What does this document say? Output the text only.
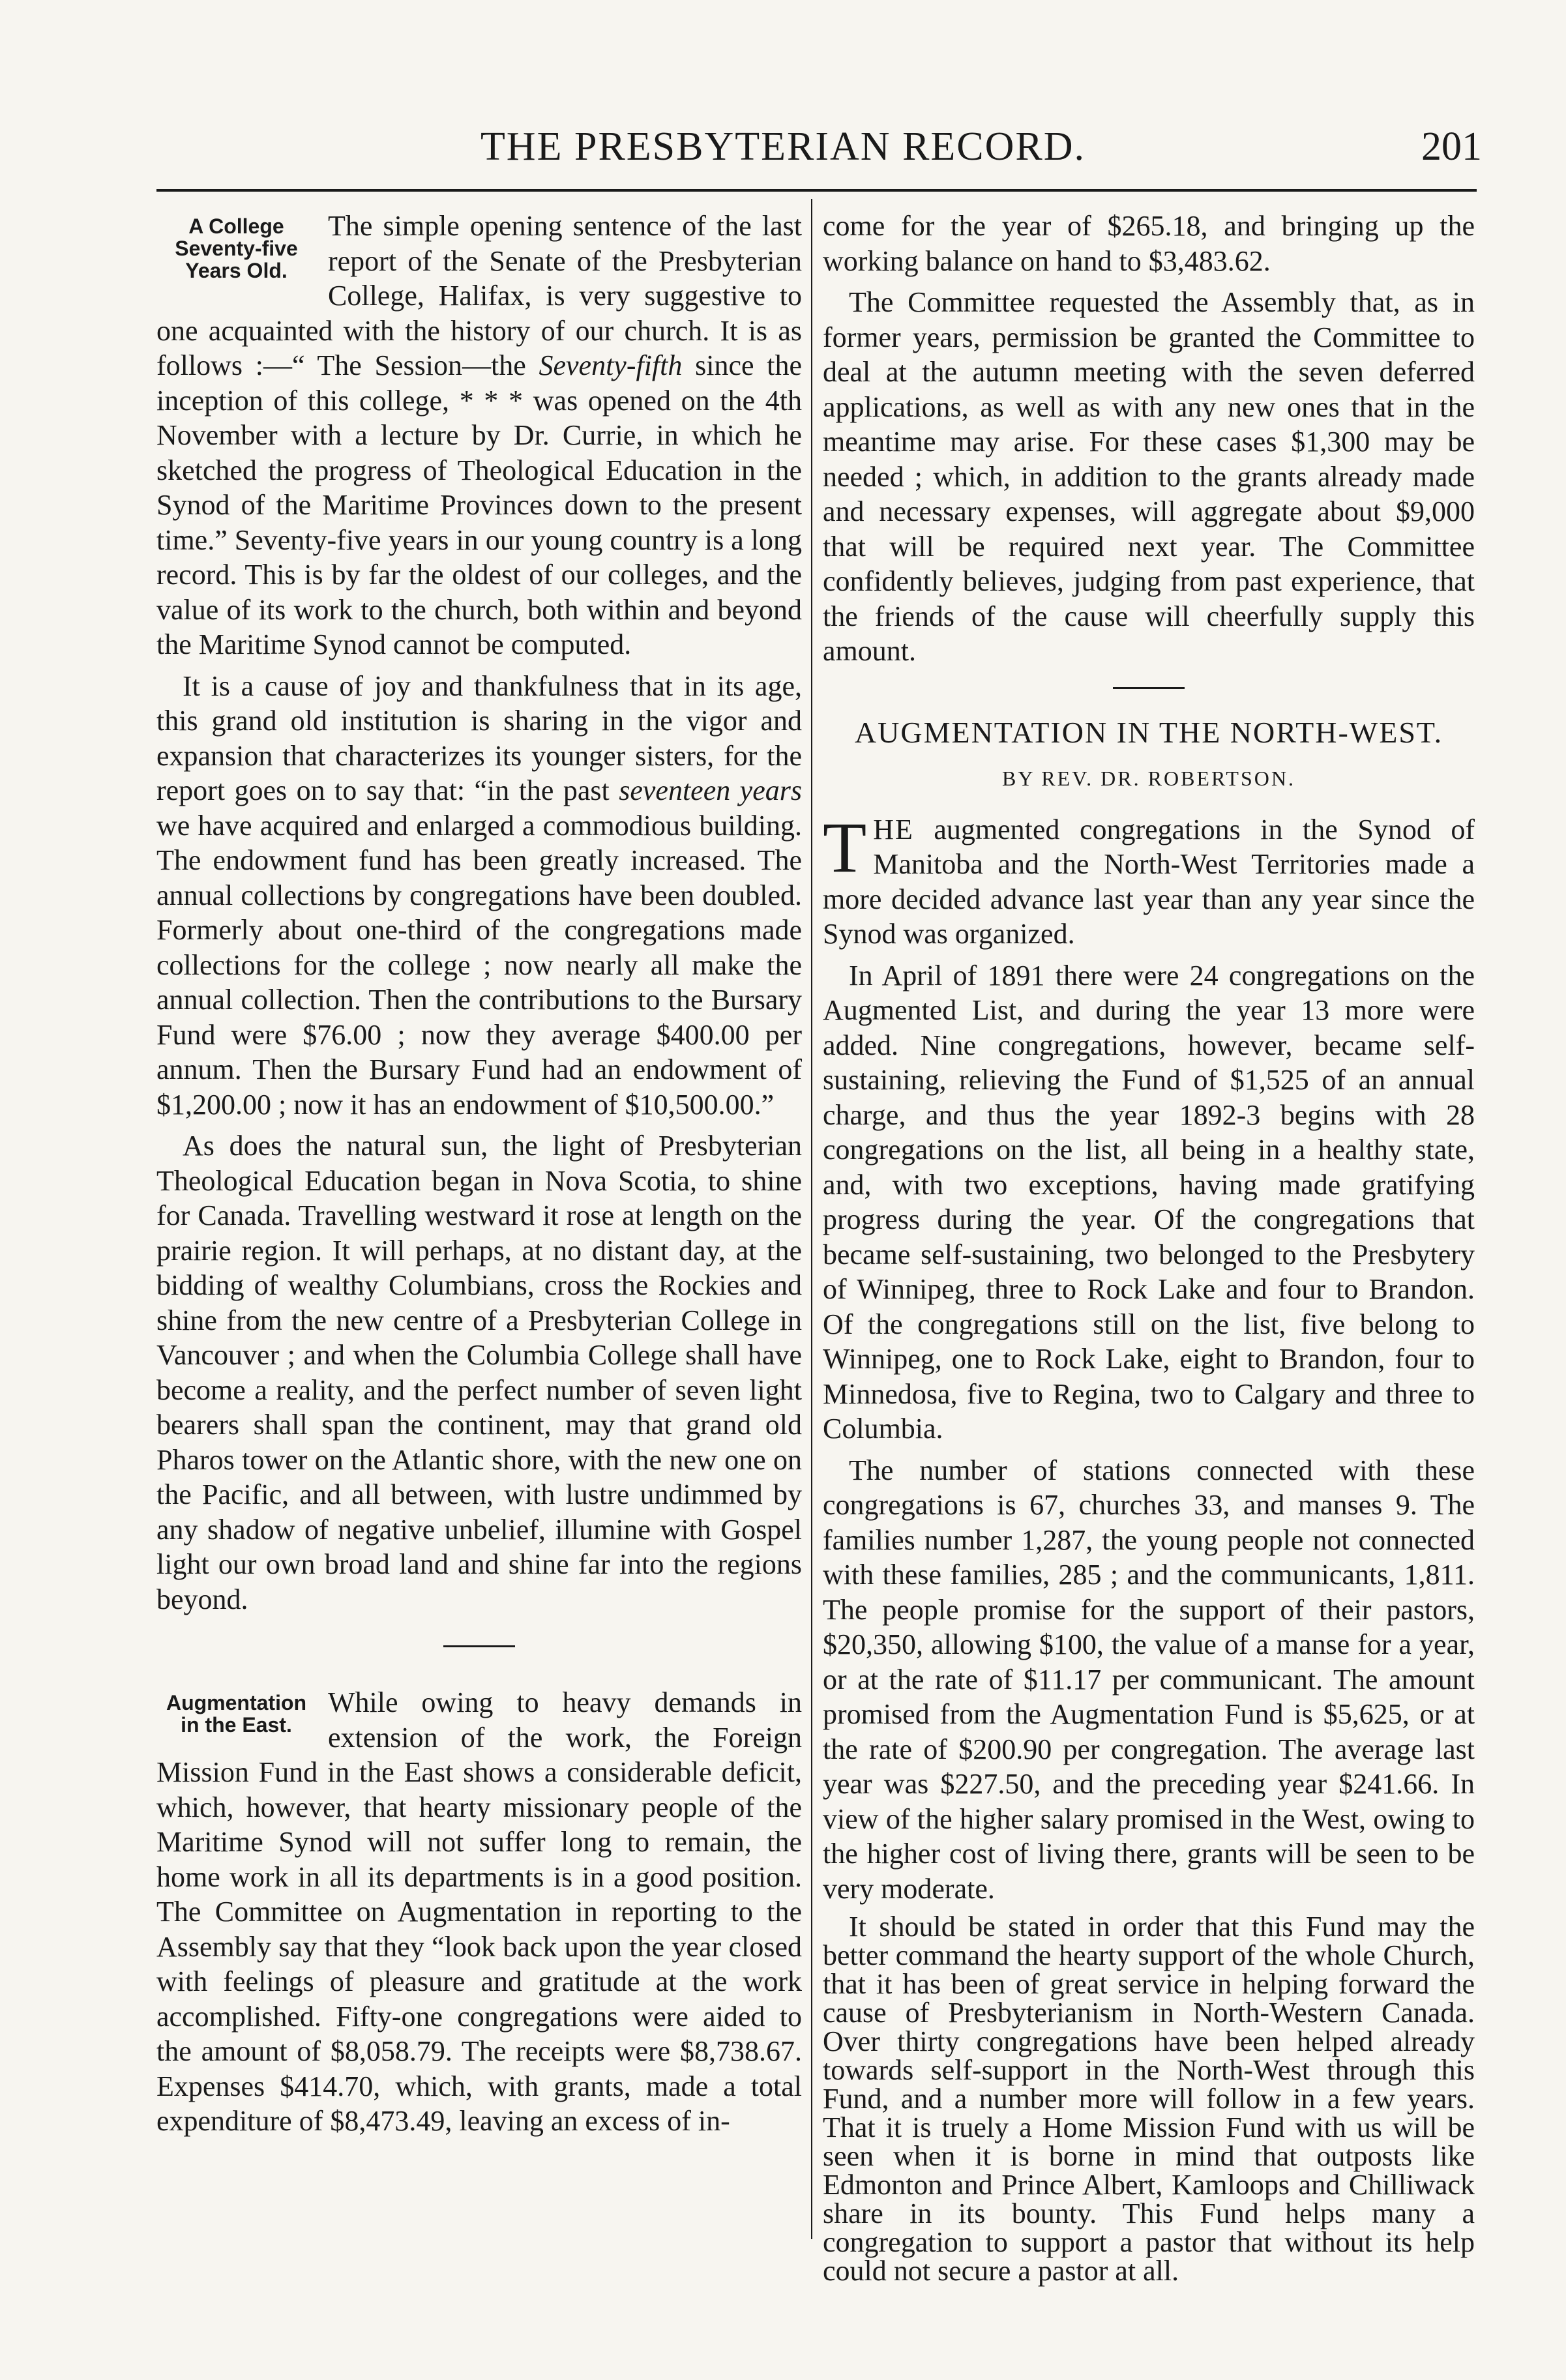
THE PRESBYTERIAN RECORD.	201
A College Seventy-five Years Old.

The simple opening sentence of the last report of the Senate of the Presbyterian College, Halifax, is very suggestive to one acquainted with the history of our church. It is as follows :—“ The Session—the Seventy-fifth since the inception of this college, * * * was opened on the 4th November with a lecture by Dr. Currie, in which he sketched the progress of Theological Education in the Synod of the Maritime Provinces down to the present time.” Seventy-five years in our young country is a long record. This is by far the oldest of our colleges, and the value of its work to the church, both within and beyond the Maritime Synod cannot be computed.

It is a cause of joy and thankfulness that in its age, this grand old institution is sharing in the vigor and expansion that characterizes its younger sisters, for the report goes on to say that: “in the past seventeen years we have acquired and enlarged a commodious building. The endowment fund has been greatly increased. The annual collections by congregations have been doubled. Formerly about one-third of the congregations made collections for the college ; now nearly all make the annual collection. Then the contributions to the Bursary Fund were $76.00 ; now they average $400.00 per annum. Then the Bursary Fund had an endowment of $1,200.00 ; now it has an endowment of $10,500.00.”

As does the natural sun, the light of Presbyterian Theological Education began in Nova Scotia, to shine for Canada. Travelling westward it rose at length on the prairie region. It will perhaps, at no distant day, at the bidding of wealthy Columbians, cross the Rockies and shine from the new centre of a Presbyterian College in Vancouver ; and when the Columbia College shall have become a reality, and the perfect number of seven light bearers shall span the continent, may that grand old Pharos tower on the Atlantic shore, with the new one on the Pacific, and all between, with lustre undimmed by any shadow of negative unbelief, illumine with Gospel light our own broad land and shine far into the regions beyond.

Augmentation in the East.

While owing to heavy demands in extension of the work, the Foreign Mission Fund in the East shows a considerable deficit, which, however, that hearty missionary people of the Maritime Synod will not suffer long to remain, the home work in all its departments is in a good position. The Committee on Augmentation in reporting to the Assembly say that they “look back upon the year closed with feelings of pleasure and gratitude at the work accomplished. Fifty-one congregations were aided to the amount of $8,058.79. The receipts were $8,738.67. Expenses $414.70, which, with grants, made a total expenditure of $8,473.49, leaving an excess of in-

come for the year of $265.18, and bringing up the working balance on hand to $3,483.62.

The Committee requested the Assembly that, as in former years, permission be granted the Committee to deal at the autumn meeting with the seven deferred applications, as well as with any new ones that in the meantime may arise. For these cases $1,300 may be needed ; which, in addition to the grants already made and necessary expenses, will aggregate about $9,000 that will be required next year. The Committee confidently believes, judging from past experience, that the friends of the cause will cheerfully supply this amount.

AUGMENTATION IN THE NORTH-WEST.
BY REV. DR. ROBERTSON.

THE augmented congregations in the Synod of Manitoba and the North-West Territories made a more decided advance last year than any year since the Synod was organized.

In April of 1891 there were 24 congregations on the Augmented List, and during the year 13 more were added. Nine congregations, however, became self-sustaining, relieving the Fund of $1,525 of an annual charge, and thus the year 1892-3 begins with 28 congregations on the list, all being in a healthy state, and, with two exceptions, having made gratifying progress during the year. Of the congregations that became self-sustaining, two belonged to the Presbytery of Winnipeg, three to Rock Lake and four to Brandon. Of the congregations still on the list, five belong to Winnipeg, one to Rock Lake, eight to Brandon, four to Minnedosa, five to Regina, two to Calgary and three to Columbia.

The number of stations connected with these congregations is 67, churches 33, and manses 9. The families number 1,287, the young people not connected with these families, 285 ; and the communicants, 1,811. The people promise for the support of their pastors, $20,350, allowing $100, the value of a manse for a year, or at the rate of $11.17 per communicant. The amount promised from the Augmentation Fund is $5,625, or at the rate of $200.90 per congregation. The average last year was $227.50, and the preceding year $241.66. In view of the higher salary promised in the West, owing to the higher cost of living there, grants will be seen to be very moderate.

It should be stated in order that this Fund may the better command the hearty support of the whole Church, that it has been of great service in helping forward the cause of Presbyterianism in North-Western Canada. Over thirty congregations have been helped already towards self-support in the North-West through this Fund, and a number more will follow in a few years. That it is truely a Home Mission Fund with us will be seen when it is borne in mind that outposts like Edmonton and Prince Albert, Kamloops and Chilliwack share in its bounty. This Fund helps many a congregation to support a pastor that without its help could not secure a pastor at all.
